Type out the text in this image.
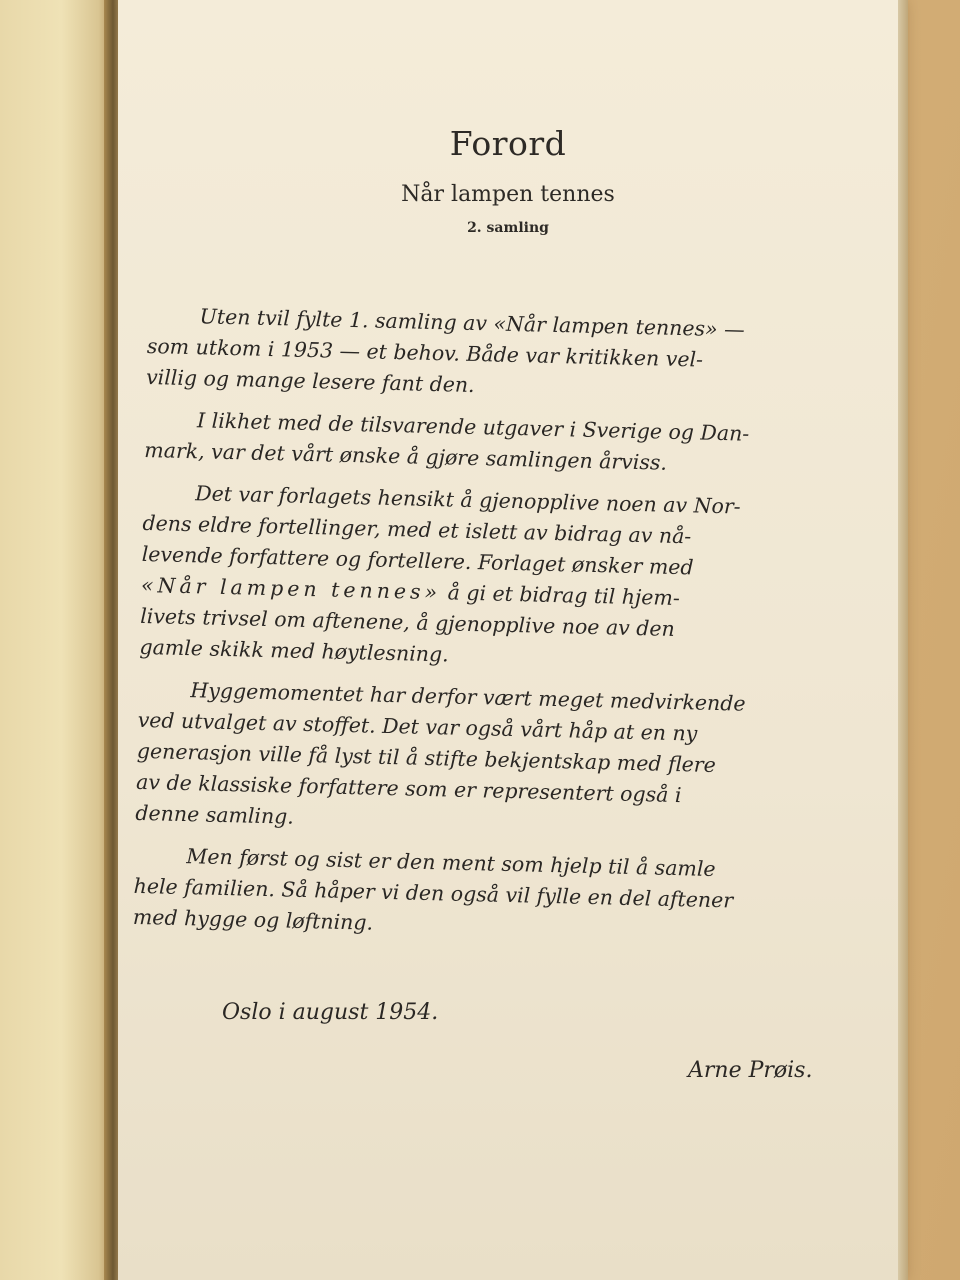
Forord
Når lampen tennes
2. samling
Uten tvil fylte 1. samling av «Når lampen tennes» —
som utkom i 1953 — et behov. Både var kritikken vel-
villig og mange lesere fant den.
I likhet med de tilsvarende utgaver i Sverige og Dan-
mark, var det vårt ønske å gjøre samlingen årviss.
Det var forlagets hensikt å gjenopplive noen av Nor-
dens eldre fortellinger, med et islett av bidrag av nå-
levende forfattere og fortellere. Forlaget ønsker med
«Når lampen tennes» å gi et bidrag til hjem-
livets trivsel om aftenene, å gjenopplive noe av den
gamle skikk med høytlesning.
Hyggemomentet har derfor vært meget medvirkende
ved utvalget av stoffet. Det var også vårt håp at en ny
generasjon ville få lyst til å stifte bekjentskap med flere
av de klassiske forfattere som er representert også i
denne samling.
Men først og sist er den ment som hjelp til å samle
hele familien. Så håper vi den også vil fylle en del aftener
med hygge og løftning.
Oslo i august 1954.
Arne Prøis.
